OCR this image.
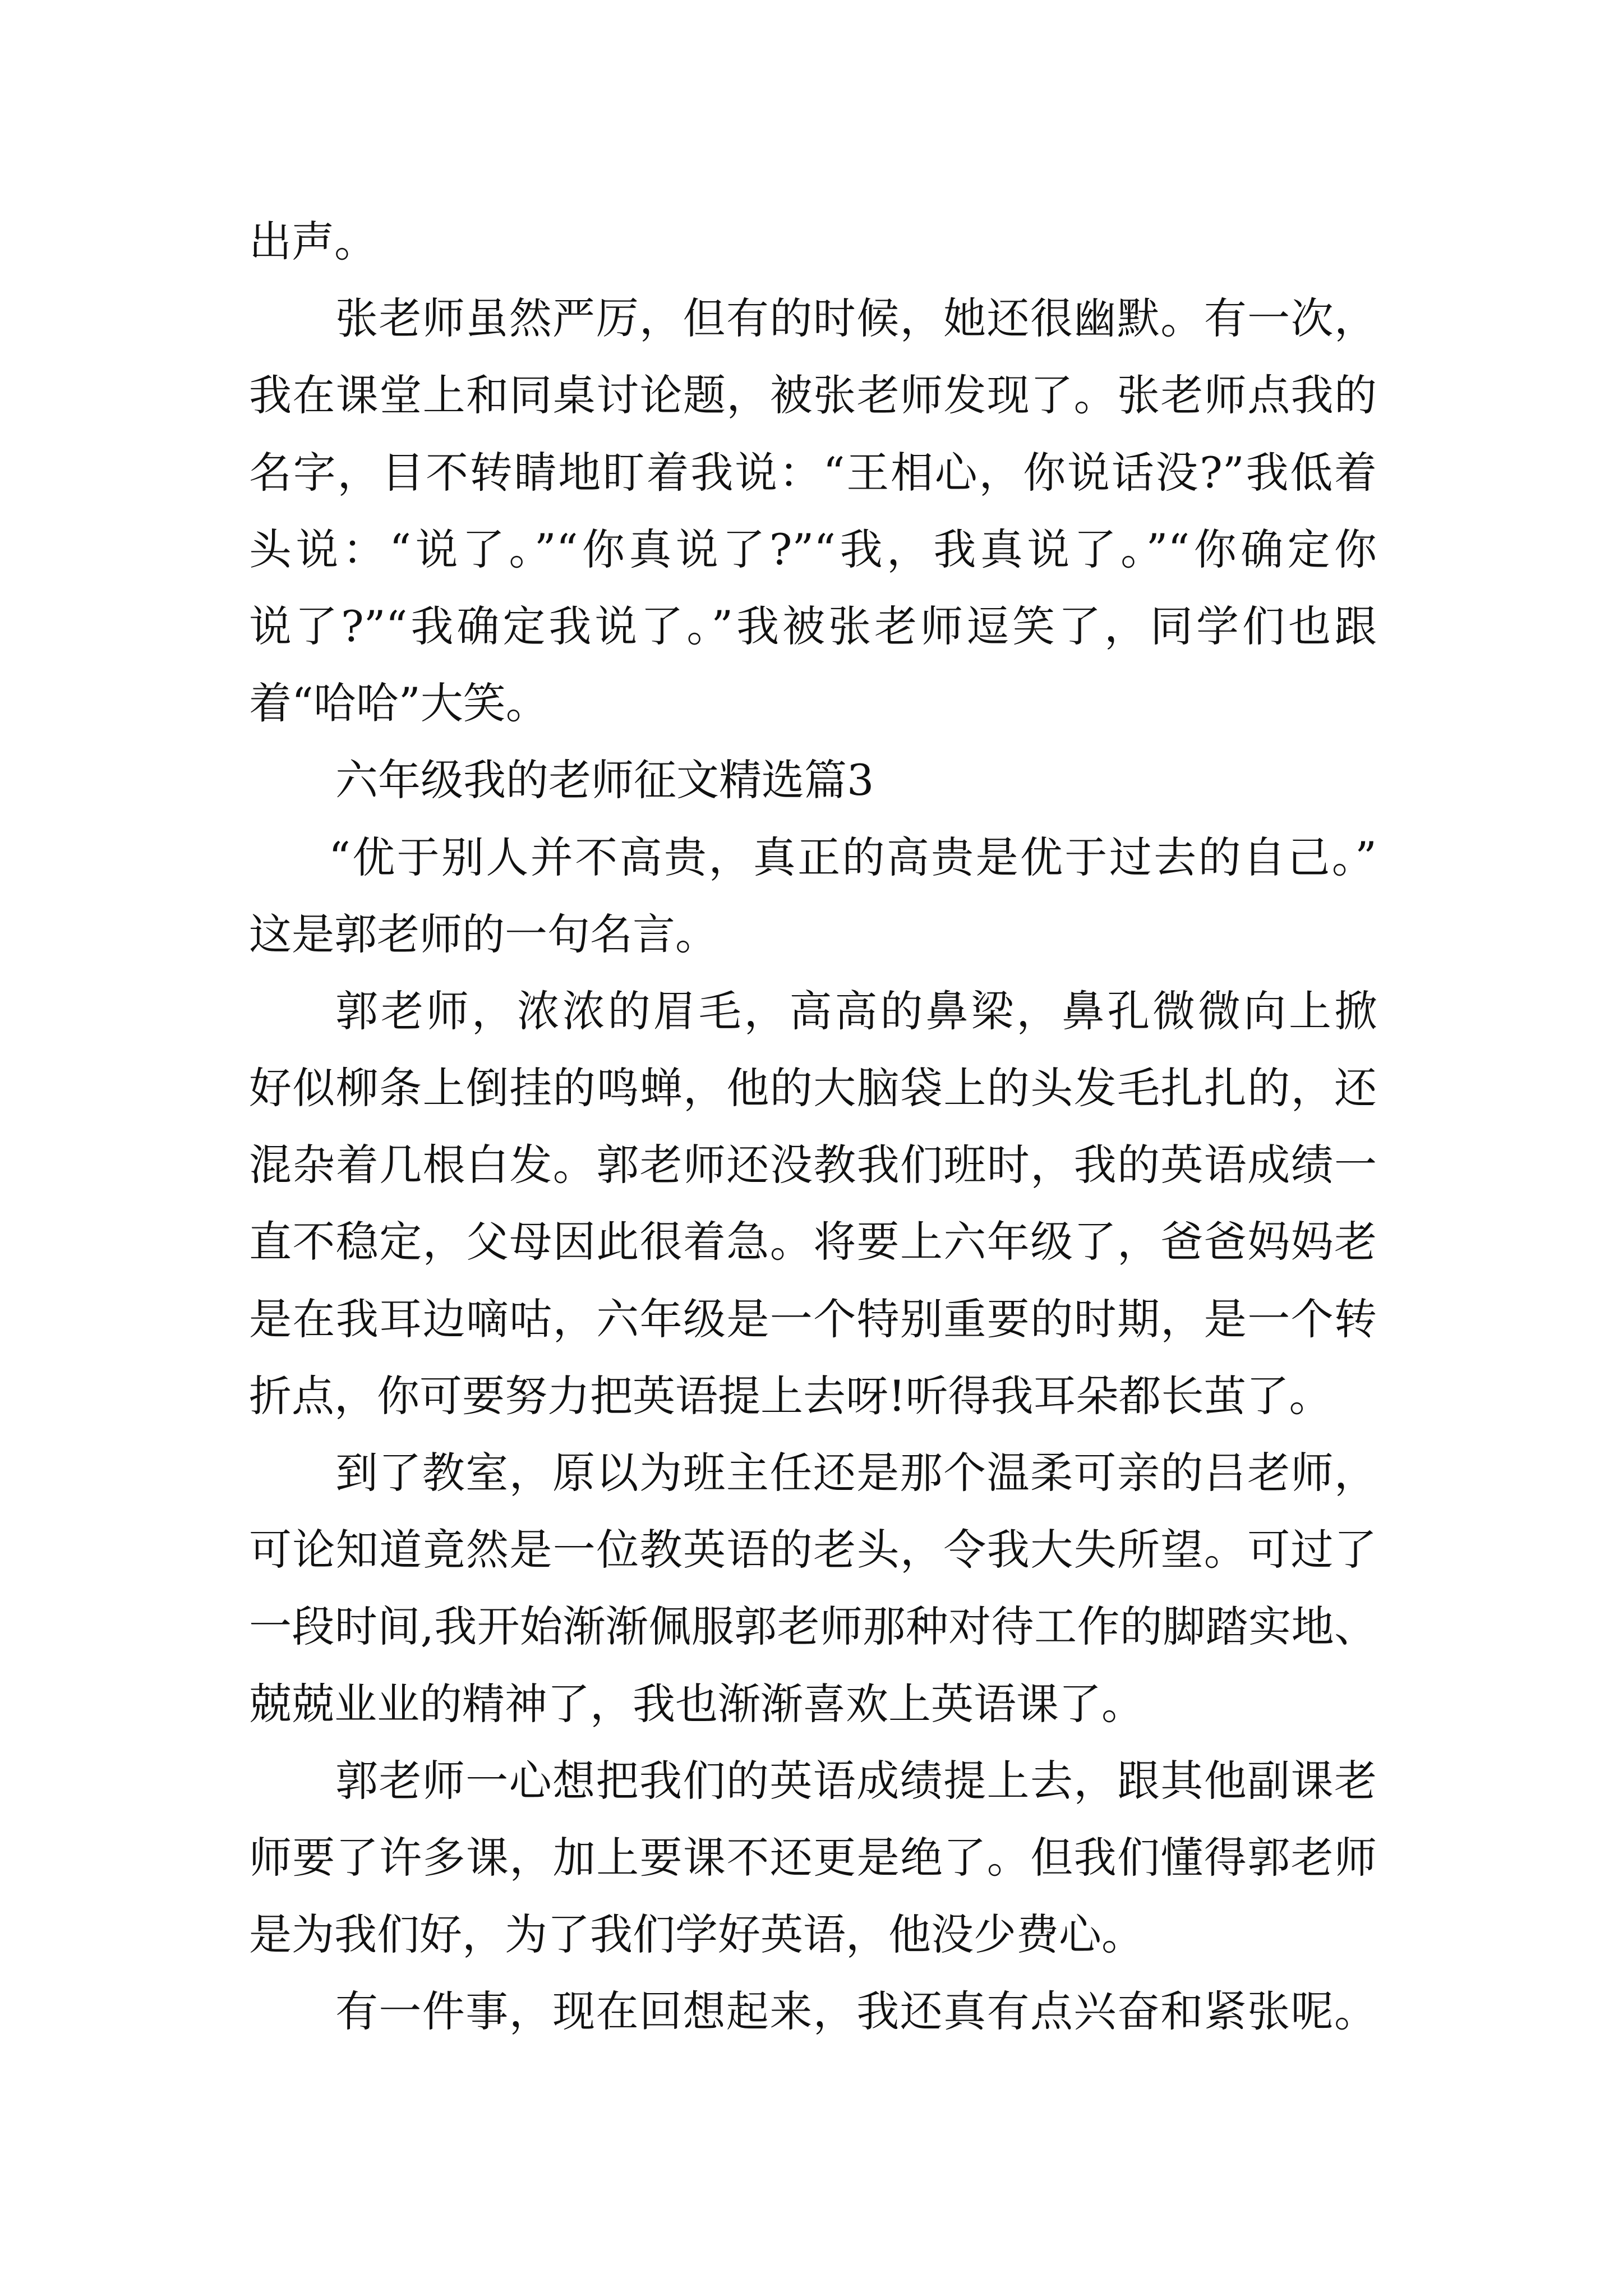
出声。
张老师虽然严厉，但有的时候，她还很幽默。有一次，
我在课堂上和同桌讨论题，被张老师发现了。张老师点我的
名字，目不转睛地盯着我说：“王相心，你说话没?”我低着
头说：“说了。”“你真说了?”“我，我真说了。”“你确定你
说了?”“我确定我说了。”我被张老师逗笑了，同学们也跟
着“哈哈”大笑。
六年级我的老师征文精选篇3
“优于别人并不高贵，真正的高贵是优于过去的自己。”
这是郭老师的一句名言。
郭老师，浓浓的眉毛，高高的鼻梁，鼻孔微微向上掀
好似柳条上倒挂的鸣蝉，他的大脑袋上的头发毛扎扎的，还
混杂着几根白发。郭老师还没教我们班时，我的英语成绩一
直不稳定，父母因此很着急。将要上六年级了，爸爸妈妈老
是在我耳边嘀咕，六年级是一个特别重要的时期，是一个转
折点，你可要努力把英语提上去呀!听得我耳朵都长茧了。
到了教室，原以为班主任还是那个温柔可亲的吕老师，
可论知道竟然是一位教英语的老头，令我大失所望。可过了
一段时间,我开始渐渐佩服郭老师那种对待工作的脚踏实地、
兢兢业业的精神了，我也渐渐喜欢上英语课了。
郭老师一心想把我们的英语成绩提上去，跟其他副课老
师要了许多课，加上要课不还更是绝了。但我们懂得郭老师
是为我们好，为了我们学好英语，他没少费心。
有一件事，现在回想起来，我还真有点兴奋和紧张呢。
